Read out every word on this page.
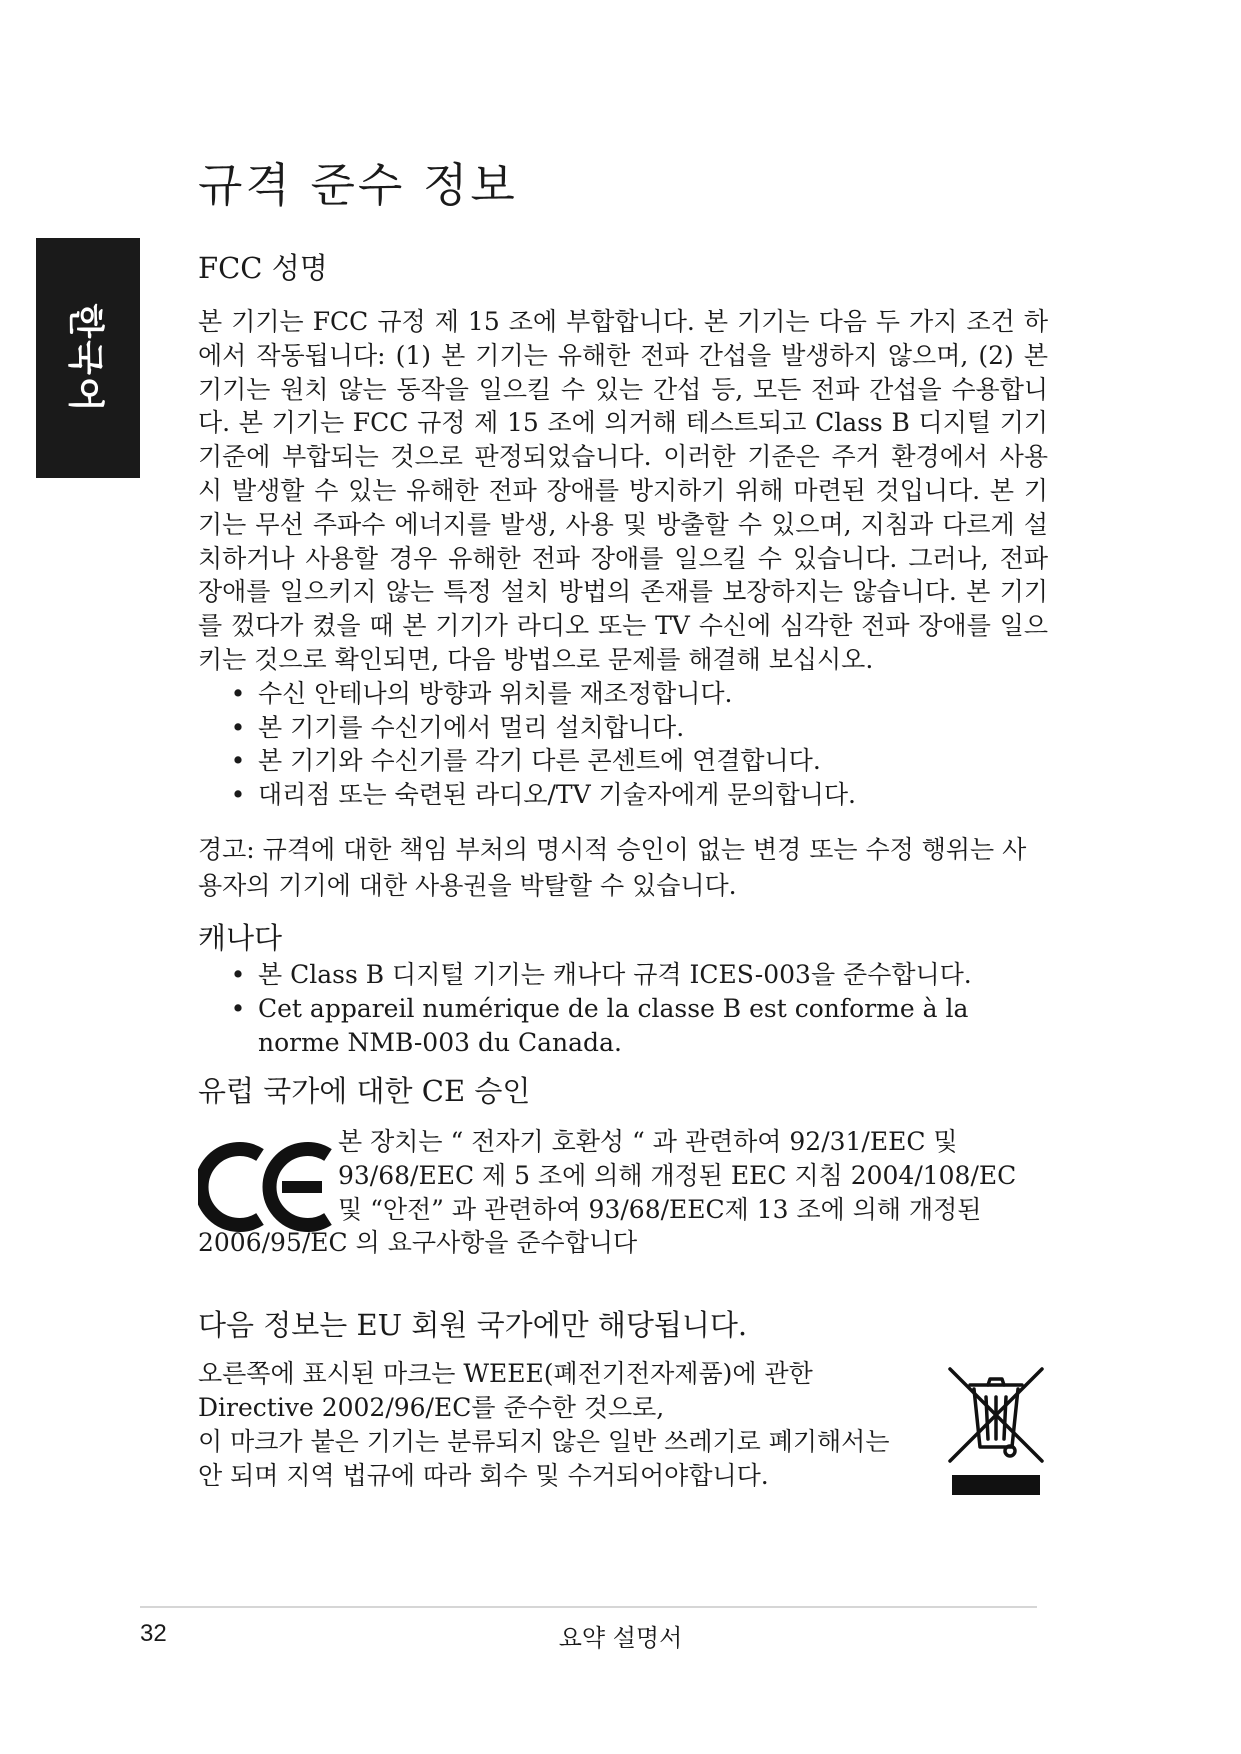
한국어
규격 준수 정보
FCC 성명

본 기기는 FCC 규정 제 15 조에 부합합니다. 본 기기는 다음 두 가지 조건 하에서 작동됩니다: (1) 본 기기는 유해한 전파 간섭을 발생하지 않으며, (2) 본 기기는 원치 않는 동작을 일으킬 수 있는 간섭 등, 모든 전파 간섭을 수용합니다. 본 기기는 FCC 규정 제 15 조에 의거해 테스트되고 Class B 디지털 기기 기준에 부합되는 것으로 판정되었습니다. 이러한 기준은 주거 환경에서 사용 시 발생할 수 있는 유해한 전파 장애를 방지하기 위해 마련된 것입니다. 본 기기는 무선 주파수 에너지를 발생, 사용 및 방출할 수 있으며, 지침과 다르게 설치하거나 사용할 경우 유해한 전파 장애를 일으킬 수 있습니다. 그러나, 전파 장애를 일으키지 않는 특정 설치 방법의 존재를 보장하지는 않습니다. 본 기기를 껐다가 켰을 때 본 기기가 라디오 또는 TV 수신에 심각한 전파 장애를 일으키는 것으로 확인되면, 다음 방법으로 문제를 해결해 보십시오.

• 수신 안테나의 방향과 위치를 재조정합니다.
• 본 기기를 수신기에서 멀리 설치합니다.
• 본 기기와 수신기를 각기 다른 콘센트에 연결합니다.
• 대리점 또는 숙련된 라디오/TV 기술자에게 문의합니다.

경고: 규격에 대한 책임 부처의 명시적 승인이 없는 변경 또는 수정 행위는 사용자의 기기에 대한 사용권을 박탈할 수 있습니다.

캐나다
• 본 Class B 디지털 기기는 캐나다 규격 ICES-003을 준수합니다.
• Cet appareil numérique de la classe B est conforme à la norme NMB-003 du Canada.
유럽 국가에 대한 CE 승인

본 장치는 “ 전자기 호환성 “ 과 관련하여 92/31/EEC 및 93/68/EEC 제 5 조에 의해 개정된 EEC 지침 2004/108/EC 및 “안전” 과 관련하여 93/68/EEC제 13 조에 의해 개정된

2006/95/EC 의 요구사항을 준수합니다

다음 정보는 EU 회원 국가에만 해당됩니다.

오른쪽에 표시된 마크는 WEEE(폐전기전자제품)에 관한

Directive 2002/96/EC를 준수한 것으로,

이 마크가 붙은 기기는 분류되지 않은 일반 쓰레기로 폐기해서는

안 되며 지역 법규에 따라 회수 및 수거되어야합니다.

32	요약 설명서
